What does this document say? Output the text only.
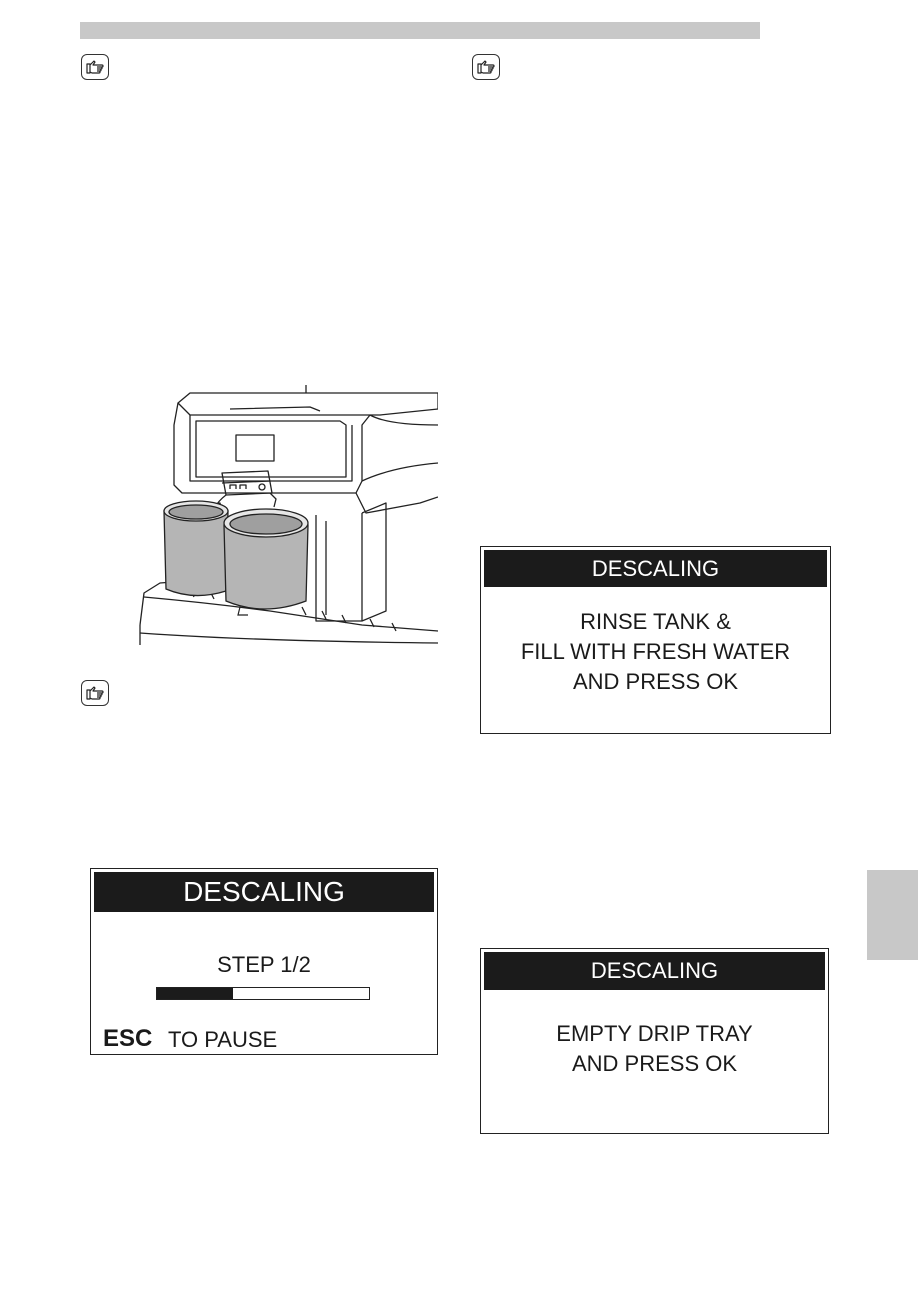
DESCALING
STEP 1/2
ESC TO PAUSE
DESCALING
RINSE TANK &
FILL WITH FRESH WATER
AND PRESS OK
DESCALING
EMPTY DRIP TRAY
AND PRESS OK
